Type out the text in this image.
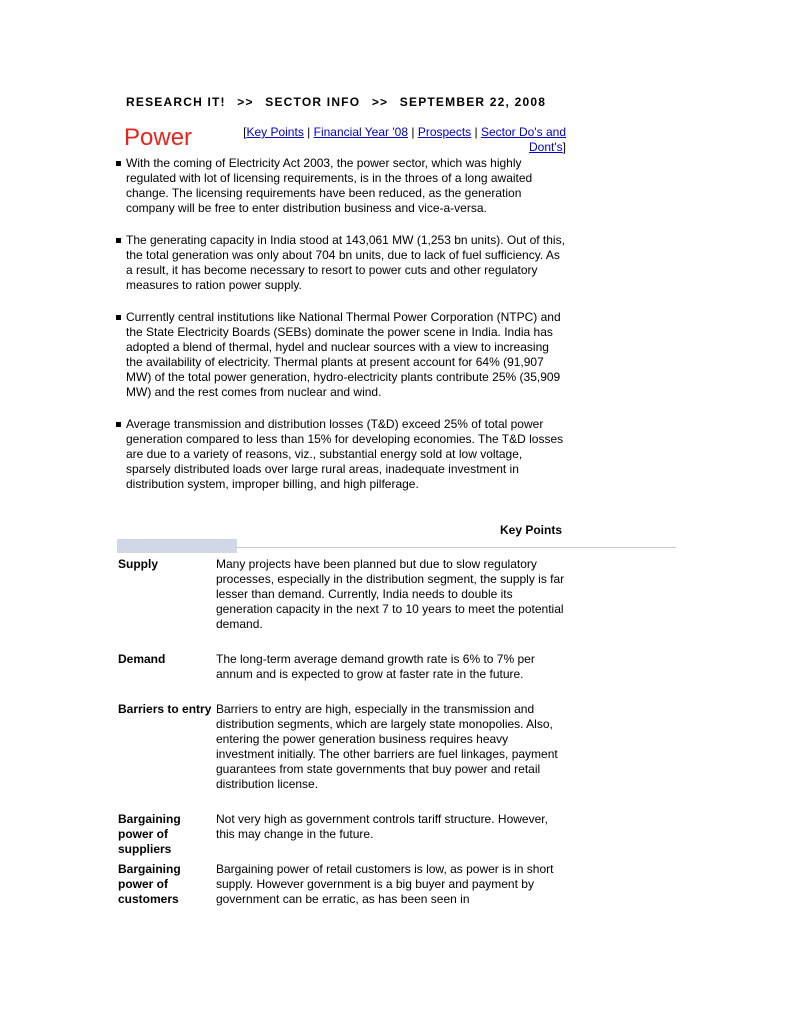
RESEARCH IT! >> SECTOR INFO >> SEPTEMBER 22, 2008
Power	[Key Points | Financial Year '08 | Prospects | Sector Do's and Dont's]
With the coming of Electricity Act 2003, the power sector, which was highly regulated with lot of licensing requirements, is in the throes of a long awaited change. The licensing requirements have been reduced, as the generation company will be free to enter distribution business and vice-a-versa.
The generating capacity in India stood at 143,061 MW (1,253 bn units). Out of this, the total generation was only about 704 bn units, due to lack of fuel sufficiency. As a result, it has become necessary to resort to power cuts and other regulatory measures to ration power supply.
Currently central institutions like National Thermal Power Corporation (NTPC) and the State Electricity Boards (SEBs) dominate the power scene in India. India has adopted a blend of thermal, hydel and nuclear sources with a view to increasing the availability of electricity. Thermal plants at present account for 64% (91,907 MW) of the total power generation, hydro-electricity plants contribute 25% (35,909 MW) and the rest comes from nuclear and wind.
Average transmission and distribution losses (T&D) exceed 25% of total power generation compared to less than 15% for developing economies. The T&D losses are due to a variety of reasons, viz., substantial energy sold at low voltage, sparsely distributed loads over large rural areas, inadequate investment in distribution system, improper billing, and high pilferage.
Key Points
Supply	Many projects have been planned but due to slow regulatory processes, especially in the distribution segment, the supply is far lesser than demand. Currently, India needs to double its generation capacity in the next 7 to 10 years to meet the potential demand.
Demand	The long-term average demand growth rate is 6% to 7% per annum and is expected to grow at faster rate in the future.
Barriers to entry	Barriers to entry are high, especially in the transmission and distribution segments, which are largely state monopolies. Also, entering the power generation business requires heavy investment initially. The other barriers are fuel linkages, payment guarantees from state governments that buy power and retail distribution license.
Bargaining power of suppliers	Not very high as government controls tariff structure. However, this may change in the future.
Bargaining power of customers	Bargaining power of retail customers is low, as power is in short supply. However government is a big buyer and payment by government can be erratic, as has been seen in
